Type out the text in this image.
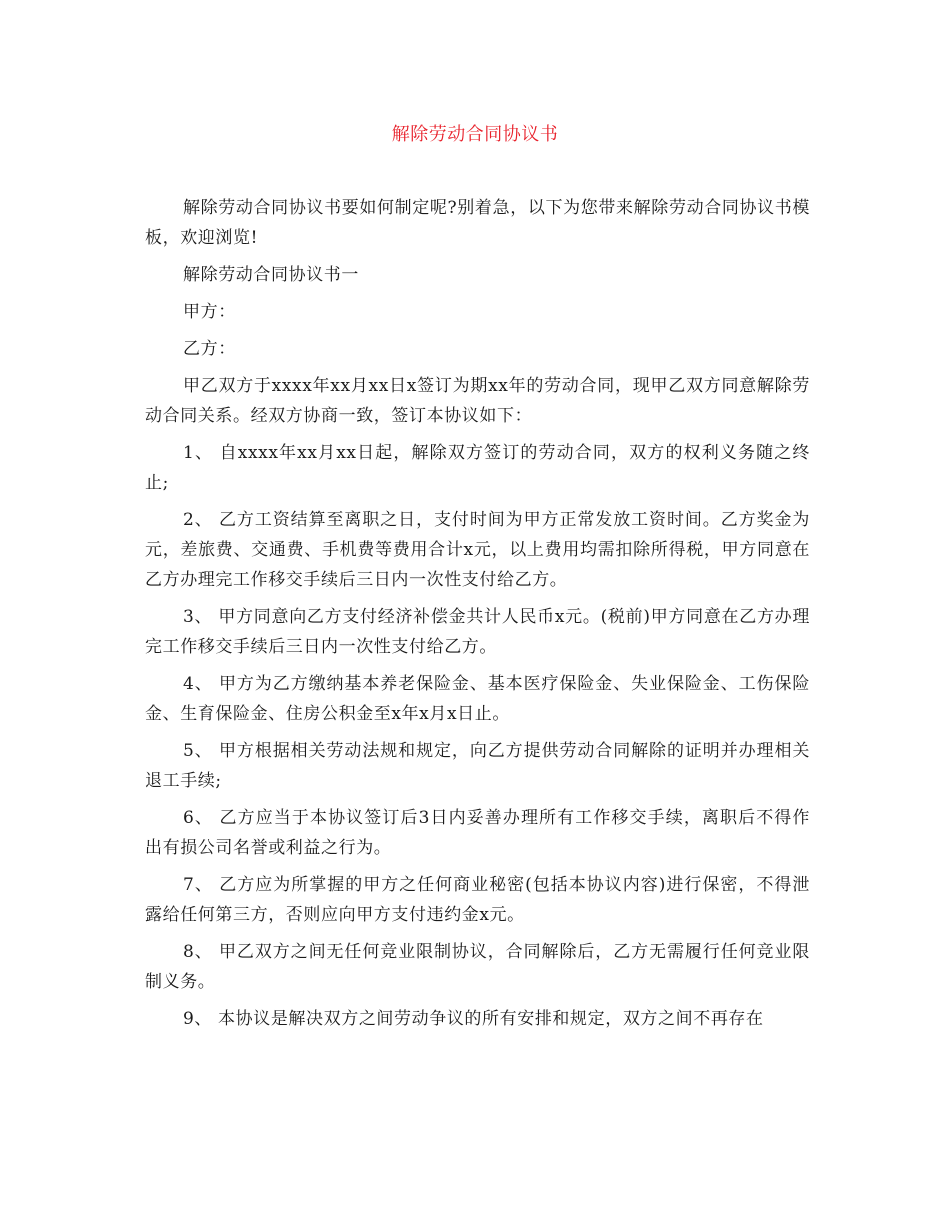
解除劳动合同协议书

解除劳动合同协议书要如何制定呢?别着急，以下为您带来解除劳动合同协议书模板，欢迎浏览!

解除劳动合同协议书一

甲方：

乙方：

甲乙双方于xxxx年xx月xx日x签订为期xx年的劳动合同，现甲乙双方同意解除劳动合同关系。经双方协商一致，签订本协议如下：

1、 自xxxx年xx月xx日起，解除双方签订的劳动合同，双方的权利义务随之终止;

2、 乙方工资结算至离职之日，支付时间为甲方正常发放工资时间。乙方奖金为元，差旅费、交通费、手机费等费用合计x元，以上费用均需扣除所得税，甲方同意在乙方办理完工作移交手续后三日内一次性支付给乙方。

3、 甲方同意向乙方支付经济补偿金共计人民币x元。(税前)甲方同意在乙方办理完工作移交手续后三日内一次性支付给乙方。

4、 甲方为乙方缴纳基本养老保险金、基本医疗保险金、失业保险金、工伤保险金、生育保险金、住房公积金至x年x月x日止。

5、 甲方根据相关劳动法规和规定，向乙方提供劳动合同解除的证明并办理相关退工手续;

6、 乙方应当于本协议签订后3日内妥善办理所有工作移交手续，离职后不得作出有损公司名誉或利益之行为。

7、 乙方应为所掌握的甲方之任何商业秘密(包括本协议内容)进行保密，不得泄露给任何第三方，否则应向甲方支付违约金x元。

8、 甲乙双方之间无任何竞业限制协议，合同解除后，乙方无需履行任何竞业限制义务。

9、 本协议是解决双方之间劳动争议的所有安排和规定，双方之间不再存在
